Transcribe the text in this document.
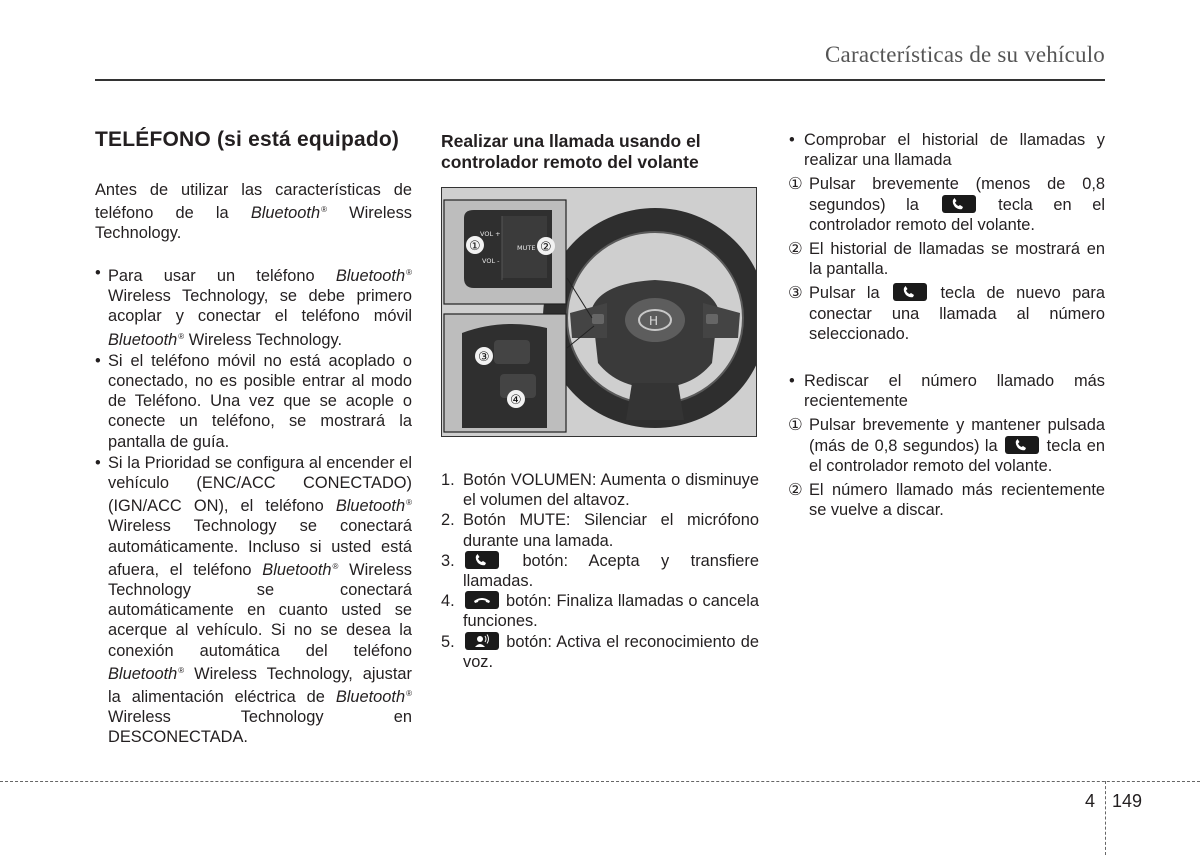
Características de su vehículo
TELÉFONO (si está equipado)
Antes de utilizar las características de teléfono de la Bluetooth® Wireless Technology.
• Para usar un teléfono Bluetooth® Wireless Technology, se debe primero acoplar y conectar el teléfono móvil Bluetooth® Wireless Technology.
• Si el teléfono móvil no está acoplado o conectado, no es posible entrar al modo de Teléfono. Una vez que se acople o conecte un teléfono, se mostrará la pantalla de guía.
• Si la Prioridad se configura al encender el vehículo (ENC/ACC CONECTADO) (IGN/ACC ON), el teléfono Bluetooth® Wireless Technology se conectará automáticamente. Incluso si usted está afuera, el teléfono Bluetooth® Wireless Technology se conectará automáticamente en cuanto usted se acerque al vehículo. Si no se desea la conexión automática del teléfono Bluetooth® Wireless Technology, ajustar la alimentación eléctrica de Bluetooth® Wireless Technology en DESCONECTADA.
Realizar una llamada usando el controlador remoto del volante
H
VOL +
VOL -
MUTE
①	②
③
④
1. Botón VOLUMEN: Aumenta o disminuye el volumen del altavoz.
2. Botón MUTE: Silenciar el micrófono durante una lamada.
3.	botón: Acepta y transfiere llamadas.
4.	botón: Finaliza llamadas o cancela funciones.
5.	botón: Activa el reconocimiento de voz.
• Comprobar el historial de llamadas y realizar una llamada
① Pulsar brevemente (menos de 0,8 segundos) la
tecla en el controlador remoto del volante.
② El historial de llamadas se mostrará en la pantalla.
③ Pulsar la
tecla de nuevo para conectar una llamada al número seleccionado.
• Rediscar el número llamado más recientemente
① Pulsar brevemente y mantener pulsada (más de 0,8 segundos) la
tecla en el controlador remoto del volante.
② El número llamado más recientemente se vuelve a discar.
4 149
